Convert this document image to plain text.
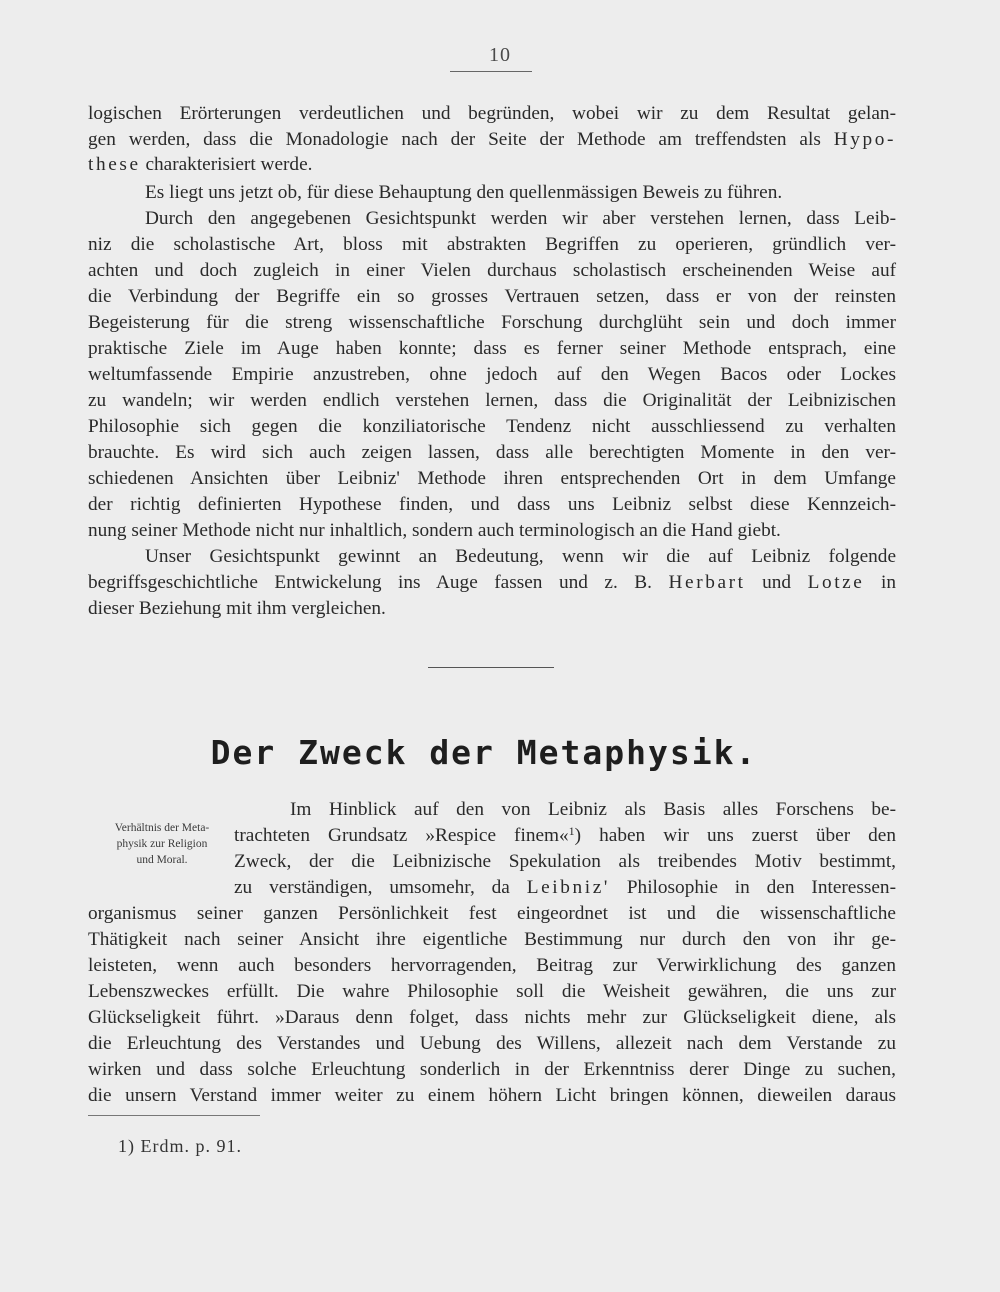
10
logischen Erörterungen verdeutlichen und begründen, wobei wir zu dem Resultat gelan-
gen werden, dass die Monadologie nach der Seite der Methode am treffendsten als Hypo-
these charakterisiert werde.
Es liegt uns jetzt ob, für diese Behauptung den quellenmässigen Beweis zu führen.
Durch den angegebenen Gesichtspunkt werden wir aber verstehen lernen, dass Leib-
niz die scholastische Art, bloss mit abstrakten Begriffen zu operieren, gründlich ver-
achten und doch zugleich in einer Vielen durchaus scholastisch erscheinenden Weise auf
die Verbindung der Begriffe ein so grosses Vertrauen setzen, dass er von der reinsten
Begeisterung für die streng wissenschaftliche Forschung durchglüht sein und doch immer
praktische Ziele im Auge haben konnte; dass es ferner seiner Methode entsprach, eine
weltumfassende Empirie anzustreben, ohne jedoch auf den Wegen Bacos oder Lockes
zu wandeln; wir werden endlich verstehen lernen, dass die Originalität der Leibnizischen
Philosophie sich gegen die konziliatorische Tendenz nicht ausschliessend zu verhalten
brauchte. Es wird sich auch zeigen lassen, dass alle berechtigten Momente in den ver-
schiedenen Ansichten über Leibniz' Methode ihren entsprechenden Ort in dem Umfange
der richtig definierten Hypothese finden, und dass uns Leibniz selbst diese Kennzeich-
nung seiner Methode nicht nur inhaltlich, sondern auch terminologisch an die Hand giebt.
Unser Gesichtspunkt gewinnt an Bedeutung, wenn wir die auf Leibniz folgende
begriffsgeschichtliche Entwickelung ins Auge fassen und z. B. Herbart und Lotze in
dieser Beziehung mit ihm vergleichen.
Der Zweck der Metaphysik.
Verhältnis der Meta-
physik zur Religion
und Moral.
Im Hinblick auf den von Leibniz als Basis alles Forschens be-
trachteten Grundsatz »Respice finem«$^1$) haben wir uns zuerst über den
Zweck, der die Leibnizische Spekulation als treibendes Motiv bestimmt,
zu verständigen, umsomehr, da Leibniz' Philosophie in den Interessen-
organismus seiner ganzen Persönlichkeit fest eingeordnet ist und die wissenschaftliche
Thätigkeit nach seiner Ansicht ihre eigentliche Bestimmung nur durch den von ihr ge-
leisteten, wenn auch besonders hervorragenden, Beitrag zur Verwirklichung des ganzen
Lebenszweckes erfüllt. Die wahre Philosophie soll die Weisheit gewähren, die uns zur
Glückseligkeit führt. »Daraus denn folget, dass nichts mehr zur Glückseligkeit diene, als
die Erleuchtung des Verstandes und Uebung des Willens, allezeit nach dem Verstande zu
wirken und dass solche Erleuchtung sonderlich in der Erkenntniss derer Dinge zu suchen,
die unsern Verstand immer weiter zu einem höhern Licht bringen können, dieweilen daraus
1) Erdm. p. 91.
